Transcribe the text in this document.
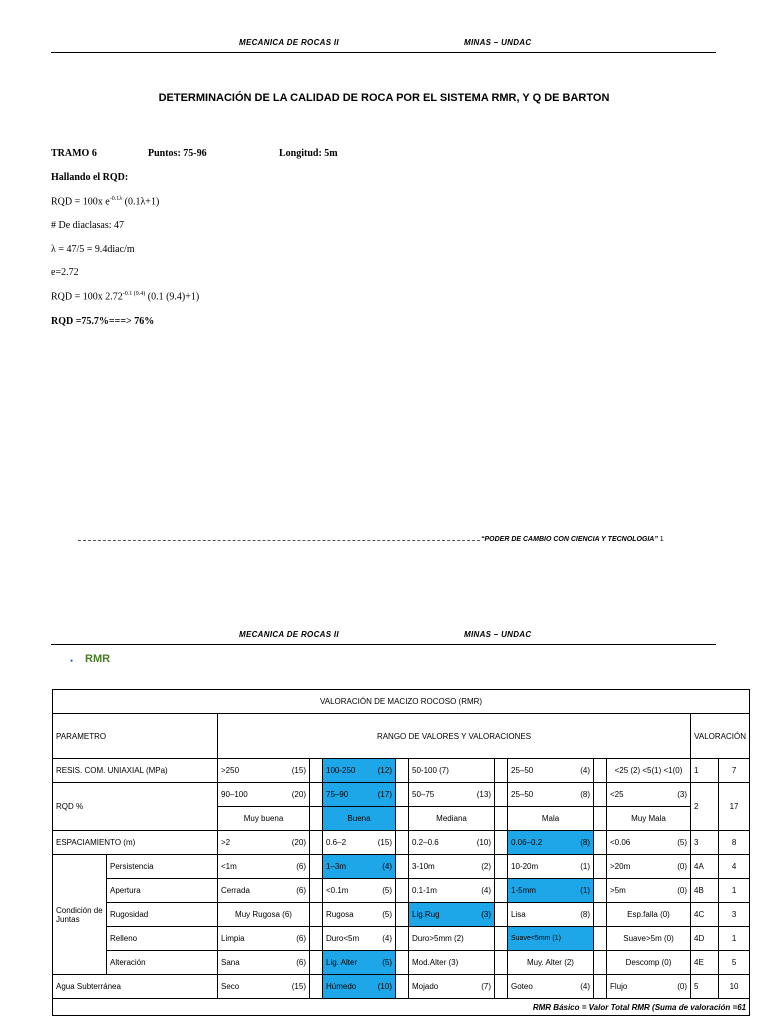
MECANICA DE ROCAS II	MINAS – UNDAC
DETERMINACIÓN DE LA CALIDAD DE ROCA POR EL SISTEMA RMR, Y Q DE BARTON
TRAMO 6	Puntos: 75-96	Longitud: 5m
Hallando el RQD:
RQD = 100x $e^{-0.1\lambda}$ (0.1λ+1)
# De diaclasas: 47
λ = 47/5 = 9.4diac/m
e=2.72
RQD = 100x $2.72^{-0.1 (9.4)}$ (0.1 (9.4)+1)
RQD =75.7%===> 76%
“PODER DE CAMBIO CON CIENCIA Y TECNOLOGIA” 1
MECANICA DE ROCAS II	MINAS – UNDAC
• RMR
VALORACIÓN DE MACIZO ROCOSO (RMR)												
PARAMETRO		RANGO DE VALORES Y VALORACIONES									VALORACIÓN	
RESIS. COM. UNIAXIAL (MPa)		>250 (15)		100-250 (12)		50-100 (7)		25–50 (4)		<25 (2) <5(1) <1(0)	1	7
RQD %		90–100 (20)		75–90 (17)		50–75 (13)		25–50 (8)		<25 (3)	2	17
		Muy buena		Buena		Mediana		Mala		Muy Mala		
ESPACIAMIENTO (m)		>2 (20)		0.6–2 (15)		0.2–0.6 (10)		0.06–0.2 (8)		<0.06 (5)	3	8
Condición de Juntas	Persistencia	<1m (6)		1–3m (4)		3-10m (2)		10-20m (1)		>20m (0)	4A	4
	Apertura	Cerrada (6)		<0.1m (5)		0.1-1m (4)		1-5mm (1)		>5m (0)	4B	1
	Rugosidad	Muy Rugosa (6)		Rugosa (5)		Lig.Rug (3)		Lisa (8)		Esp.falla (0)	4C	3
	Relleno	Limpia (6)		Duro<5m (4)		Duro>5mm (2)		Suave<5mm (1)		Suave>5m (0)	4D	1
	Alteración	Sana (6)		Lig. Alter (5)		Mod.Alter (3)		Muy. Alter (2)		Descomp (0)	4E	5
Agua Subterránea		Seco (15)		Húmedo (10)		Mojado (7)		Goteo (4)		Flujo (0)	5	10
RMR Básico = Valor Total RMR (Suma de valoración =61												
